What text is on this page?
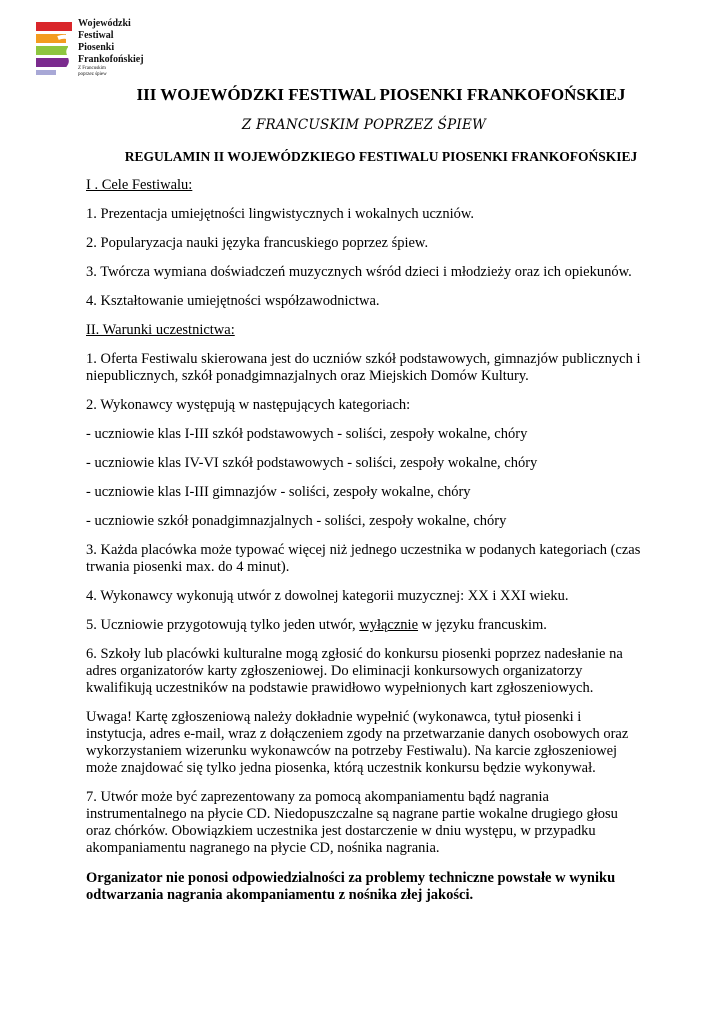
Wojewódzki
Festiwal
Piosenki
Frankofońskiej
Z Francuskim
poprzez śpiew
III WOJEWÓDZKI FESTIWAL PIOSENKI FRANKOFOŃSKIEJ
Z FRANCUSKIM POPRZEZ ŚPIEW
REGULAMIN II WOJEWÓDZKIEGO FESTIWALU PIOSENKI FRANKOFOŃSKIEJ

I . Cele Festiwalu:

1. Prezentacja umiejętności lingwistycznych i wokalnych uczniów.

2. Popularyzacja nauki języka francuskiego poprzez śpiew.

3. Twórcza wymiana doświadczeń muzycznych wśród dzieci i młodzieży oraz ich opiekunów.

4. Kształtowanie umiejętności współzawodnictwa.

II. Warunki uczestnictwa:

1. Oferta Festiwalu skierowana jest do uczniów szkół podstawowych, gimnazjów publicznych i niepublicznych, szkół ponadgimnazjalnych oraz Miejskich Domów Kultury.

2. Wykonawcy występują w następujących kategoriach:

- uczniowie klas I-III szkół podstawowych - soliści, zespoły wokalne, chóry

- uczniowie klas IV-VI szkół podstawowych - soliści, zespoły wokalne, chóry

- uczniowie klas I-III gimnazjów - soliści, zespoły wokalne, chóry

- uczniowie szkół ponadgimnazjalnych - soliści, zespoły wokalne, chóry

3. Każda placówka może typować więcej niż jednego uczestnika w podanych kategoriach (czas trwania piosenki max. do 4 minut).

4. Wykonawcy wykonują utwór z dowolnej kategorii muzycznej: XX i XXI wieku.

5. Uczniowie przygotowują tylko jeden utwór, wyłącznie w języku francuskim.

6. Szkoły lub placówki kulturalne mogą zgłosić do konkursu piosenki poprzez nadesłanie na adres organizatorów karty zgłoszeniowej. Do eliminacji konkursowych organizatorzy kwalifikują uczestników na podstawie prawidłowo wypełnionych kart zgłoszeniowych.

Uwaga! Kartę zgłoszeniową należy dokładnie wypełnić (wykonawca, tytuł piosenki i instytucja, adres e-mail, wraz z dołączeniem zgody na przetwarzanie danych osobowych oraz wykorzystaniem wizerunku wykonawców na potrzeby Festiwalu). Na karcie zgłoszeniowej może znajdować się tylko jedna piosenka, którą uczestnik konkursu będzie wykonywał.

7. Utwór może być zaprezentowany za pomocą akompaniamentu bądź nagrania instrumentalnego na płycie CD. Niedopuszczalne są nagrane partie wokalne drugiego głosu oraz chórków. Obowiązkiem uczestnika jest dostarczenie w dniu występu, w przypadku akompaniamentu nagranego na płycie CD, nośnika nagrania.

Organizator nie ponosi odpowiedzialności za problemy techniczne powstałe w wyniku odtwarzania nagrania akompaniamentu z nośnika złej jakości.
